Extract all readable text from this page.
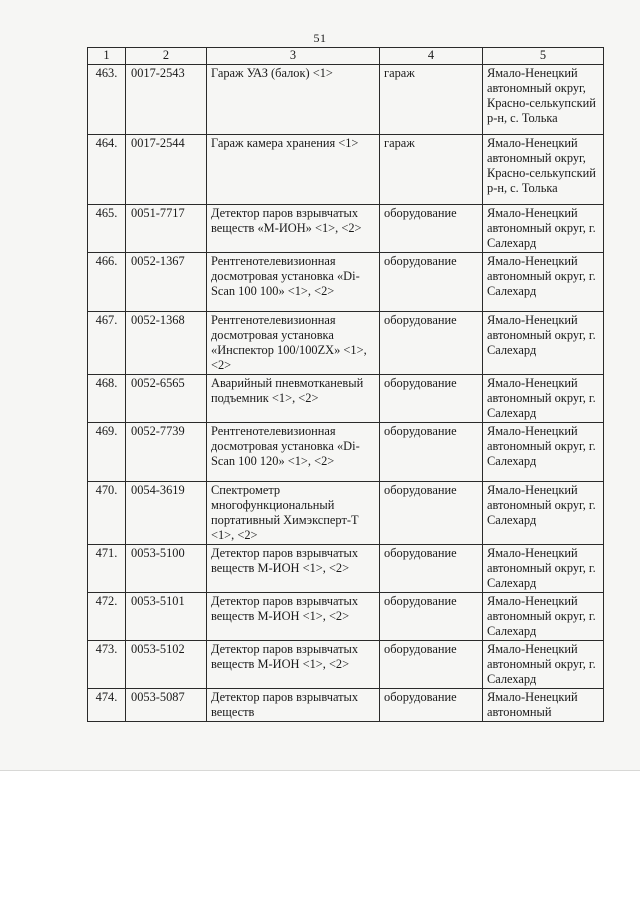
51
1	2	3	4	5
463.	0017-2543	Гараж УАЗ (балок) <1>	гараж	Ямало-Ненецкий автономный округ, Красно-селькупский р-н, с. Толька
464.	0017-2544	Гараж камера хранения <1>	гараж	Ямало-Ненецкий автономный округ, Красно-селькупский р-н, с. Толька
465.	0051-7717	Детектор паров взрывчатых веществ «М-ИОН» <1>, <2>	оборудование	Ямало-Ненецкий автономный округ, г. Салехард
466.	0052-1367	Рентгенотелевизионная досмотровая установка «Di-Scan 100 100» <1>, <2>	оборудование	Ямало-Ненецкий автономный округ, г. Салехард
467.	0052-1368	Рентгенотелевизионная досмотровая установка «Инспектор 100/100ZX» <1>, <2>	оборудование	Ямало-Ненецкий автономный округ, г. Салехард
468.	0052-6565	Аварийный пневмотканевый подъемник <1>, <2>	оборудование	Ямало-Ненецкий автономный округ, г. Салехард
469.	0052-7739	Рентгенотелевизионная досмотровая установка «Di-Scan 100 120» <1>, <2>	оборудование	Ямало-Ненецкий автономный округ, г. Салехард
470.	0054-3619	Спектрометр многофункциональный портативный Химэксперт-Т <1>, <2>	оборудование	Ямало-Ненецкий автономный округ, г. Салехард
471.	0053-5100	Детектор паров взрывчатых веществ М-ИОН <1>, <2>	оборудование	Ямало-Ненецкий автономный округ, г. Салехард
472.	0053-5101	Детектор паров взрывчатых веществ М-ИОН <1>, <2>	оборудование	Ямало-Ненецкий автономный округ, г. Салехард
473.	0053-5102	Детектор паров взрывчатых веществ М-ИОН <1>, <2>	оборудование	Ямало-Ненецкий автономный округ, г. Салехард
474.	0053-5087	Детектор паров взрывчатых веществ	оборудование	Ямало-Ненецкий автономный
